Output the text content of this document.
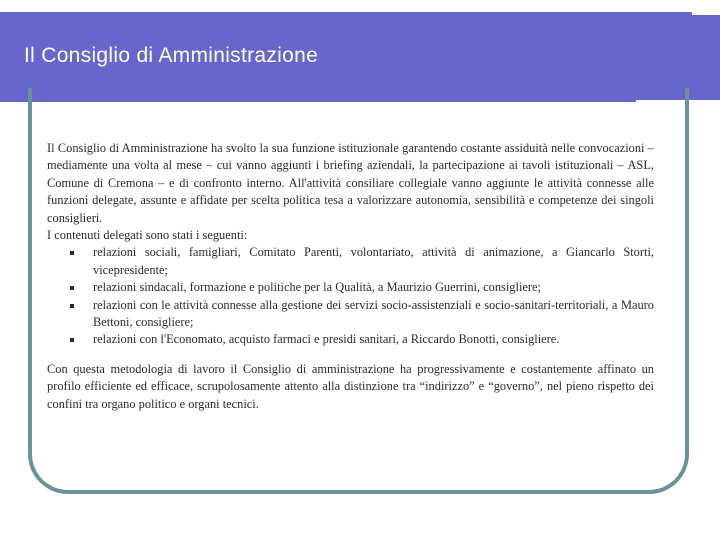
Il Consiglio di Amministrazione

Il Consiglio di Amministrazione ha svolto la sua funzione istituzionale garantendo costante assiduità nelle convocazioni – mediamente una volta al mese – cui vanno aggiunti i briefing aziendali, la partecipazione ai tavoli istituzionali – ASL, Comune di Cremona – e di confronto interno. All'attività consiliare collegiale vanno aggiunte le attività connesse alle funzioni delegate, assunte e affidate per scelta politica tesa a valorizzare autonomia, sensibilità e competenze dei singoli consiglieri.

I contenuti delegati sono stati i seguenti:

relazioni sociali, famigliari, Comitato Parenti, volontariato, attività di animazione, a Giancarlo Storti, vicepresidente;
relazioni sindacali, formazione e politiche per la Qualità, a Maurizio Guerrini, consigliere;
relazioni con le attività connesse alla gestione dei servizi socio-assistenziali e socio-sanitari-territoriali, a Mauro Bettoni, consigliere;
relazioni con l'Economato, acquisto farmaci e presidi sanitari, a Riccardo Bonotti, consigliere.

Con questa metodologia di lavoro il Consiglio di amministrazione ha progressivamente e costantemente affinato un profilo efficiente ed efficace, scrupolosamente attento alla distinzione tra “indirizzo” e “governo”, nel pieno rispetto dei confini tra organo politico e organi tecnici.
